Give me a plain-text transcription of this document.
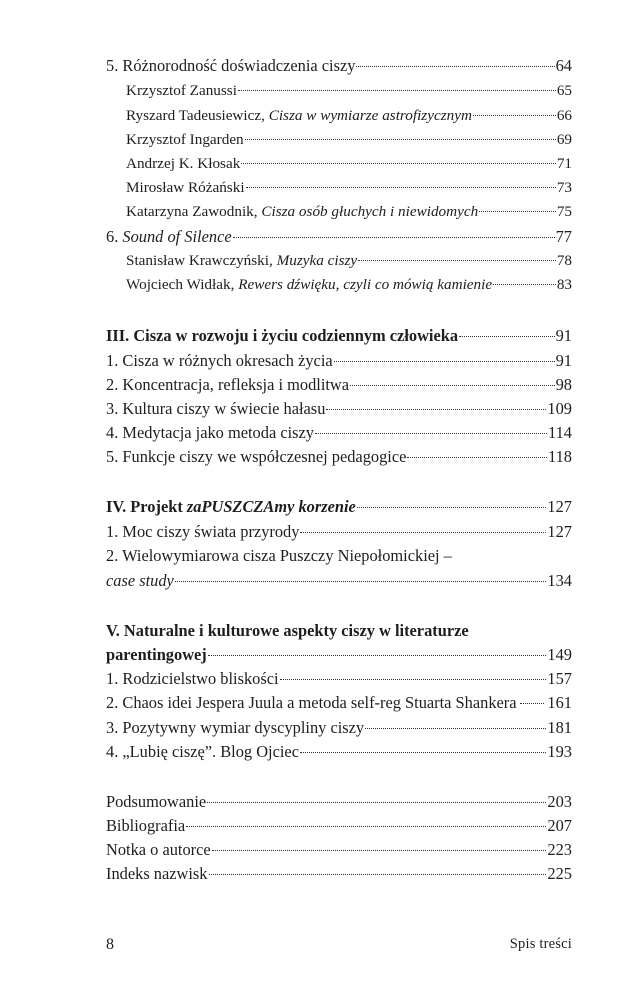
5. Różnorodność doświadczenia ciszy	64
Krzysztof Zanussi	65
Ryszard Tadeusiewicz, Cisza w wymiarze astrofizycznym	66
Krzysztof Ingarden	69
Andrzej K. Kłosak	71
Mirosław Różański	73
Katarzyna Zawodnik, Cisza osób głuchych i niewidomych	75
6. Sound of Silence	77
Stanisław Krawczyński, Muzyka ciszy	78
Wojciech Widłak, Rewers dźwięku, czyli co mówią kamienie	83
III. Cisza w rozwoju i życiu codziennym człowieka	91
1. Cisza w różnych okresach życia	91
2. Koncentracja, refleksja i modlitwa	98
3. Kultura ciszy w świecie hałasu	109
4. Medytacja jako metoda ciszy	114
5. Funkcje ciszy we współczesnej pedagogice	118
IV. Projekt zaPUSZCZAmy korzenie	127
1. Moc ciszy świata przyrody	127
2. Wielowymiarowa cisza Puszczy Niepołomickiej –
case study	134
V. Naturalne i kulturowe aspekty ciszy w literaturze
parentingowej	149
1. Rodzicielstwo bliskości	157
2. Chaos idei Jespera Juula a metoda self-reg Stuarta Shankera 161
3. Pozytywny wymiar dyscypliny ciszy	181
4. „Lubię ciszę”. Blog Ojciec	193
Podsumowanie	203
Bibliografia	207
Notka o autorce	223
Indeks nazwisk	225
8	Spis treści
